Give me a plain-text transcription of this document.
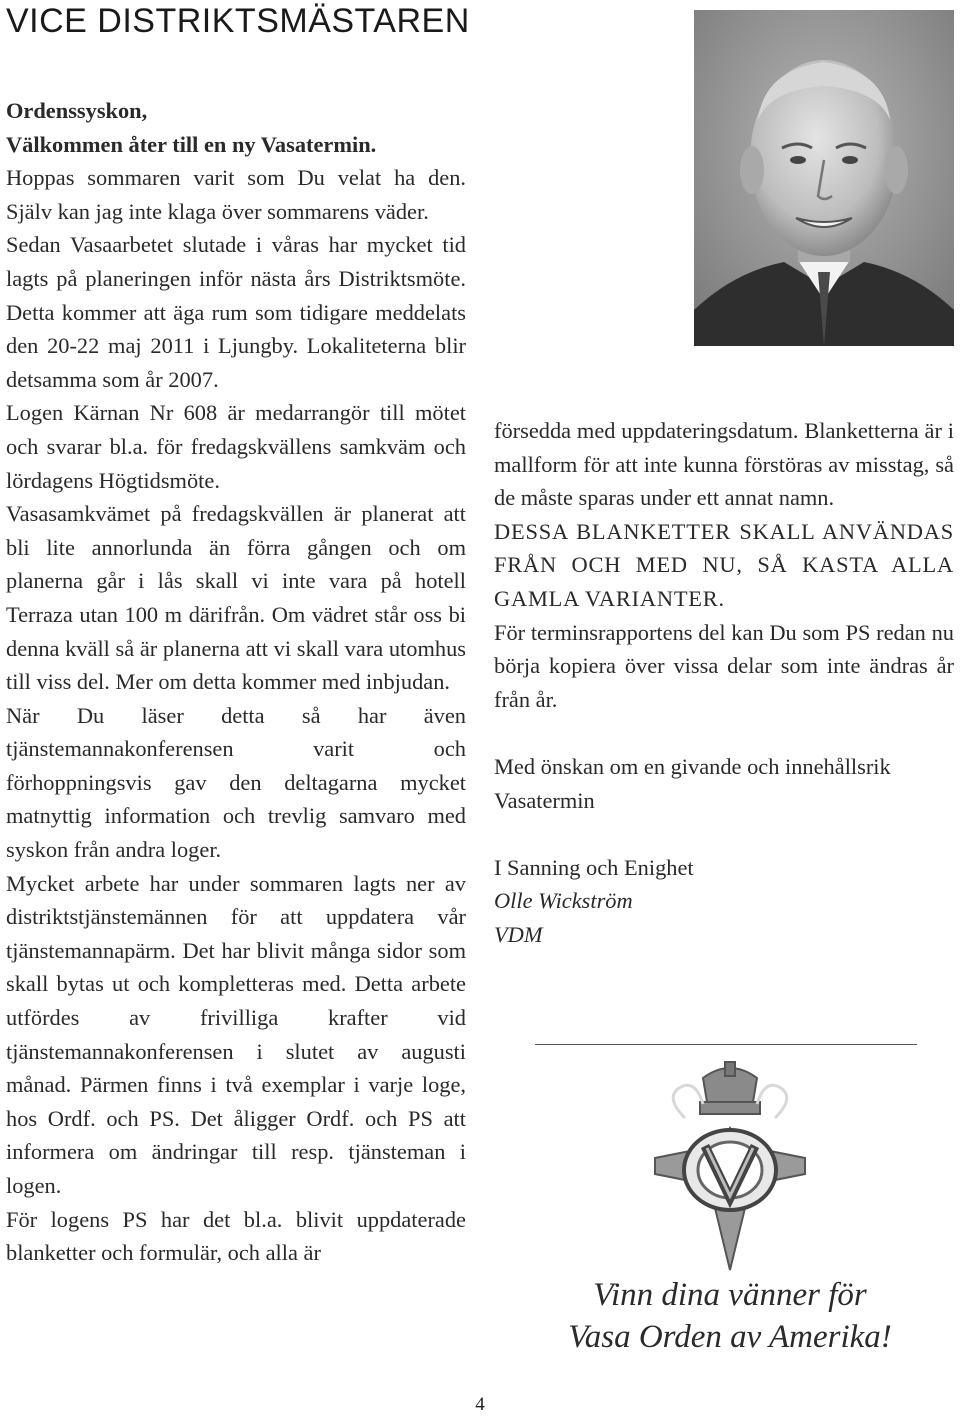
VICE DISTRIKTSMÄSTAREN

Ordenssyskon,

Välkommen åter till en ny Vasatermin.

Hoppas sommaren varit som Du velat ha den. Själv kan jag inte klaga över sommarens väder.

Sedan Vasaarbetet slutade i våras har mycket tid lagts på planeringen inför nästa års Distriktsmöte. Detta kommer att äga rum som tidigare meddelats den 20-22 maj 2011 i Ljungby. Lokaliteterna blir detsamma som år 2007.

Logen Kärnan Nr 608 är medarrangör till mötet och svarar bl.a. för fredagskvällens samkväm och lördagens Högtidsmöte.

Vasasamkvämet på fredagskvällen är planerat att bli lite annorlunda än förra gången och om planerna går i lås skall vi inte vara på hotell Terraza utan 100 m därifrån. Om vädret står oss bi denna kväll så är planerna att vi skall vara utomhus till viss del. Mer om detta kommer med inbjudan.

När Du läser detta så har även tjänstemannakonferensen varit och förhoppningsvis gav den deltagarna mycket matnyttig information och trevlig samvaro med syskon från andra loger.

Mycket arbete har under sommaren lagts ner av distriktstjänstemännen för att uppdatera vår tjänstemannapärm. Det har blivit många sidor som skall bytas ut och kompletteras med. Detta arbete utfördes av frivilliga krafter vid tjänstemannakonferensen i slutet av augusti månad. Pärmen finns i två exemplar i varje loge, hos Ordf. och PS. Det åligger Ordf. och PS att informera om ändringar till resp. tjänsteman i logen.

För logens PS har det bl.a. blivit uppdaterade blanketter och formulär, och alla är

försedda med uppdateringsdatum. Blanketterna är i mallform för att inte kunna förstöras av misstag, så de måste sparas under ett annat namn.

DESSA BLANKETTER SKALL ANVÄNDAS FRÅN OCH MED NU, SÅ KASTA ALLA GAMLA VARIANTER.

För terminsrapportens del kan Du som PS redan nu börja kopiera över vissa delar som inte ändras år från år.

Med önskan om en givande och innehållsrik Vasatermin

I Sanning och Enighet

Olle Wickström

VDM

Vinn dina vänner för
Vasa Orden av Amerika!
4
